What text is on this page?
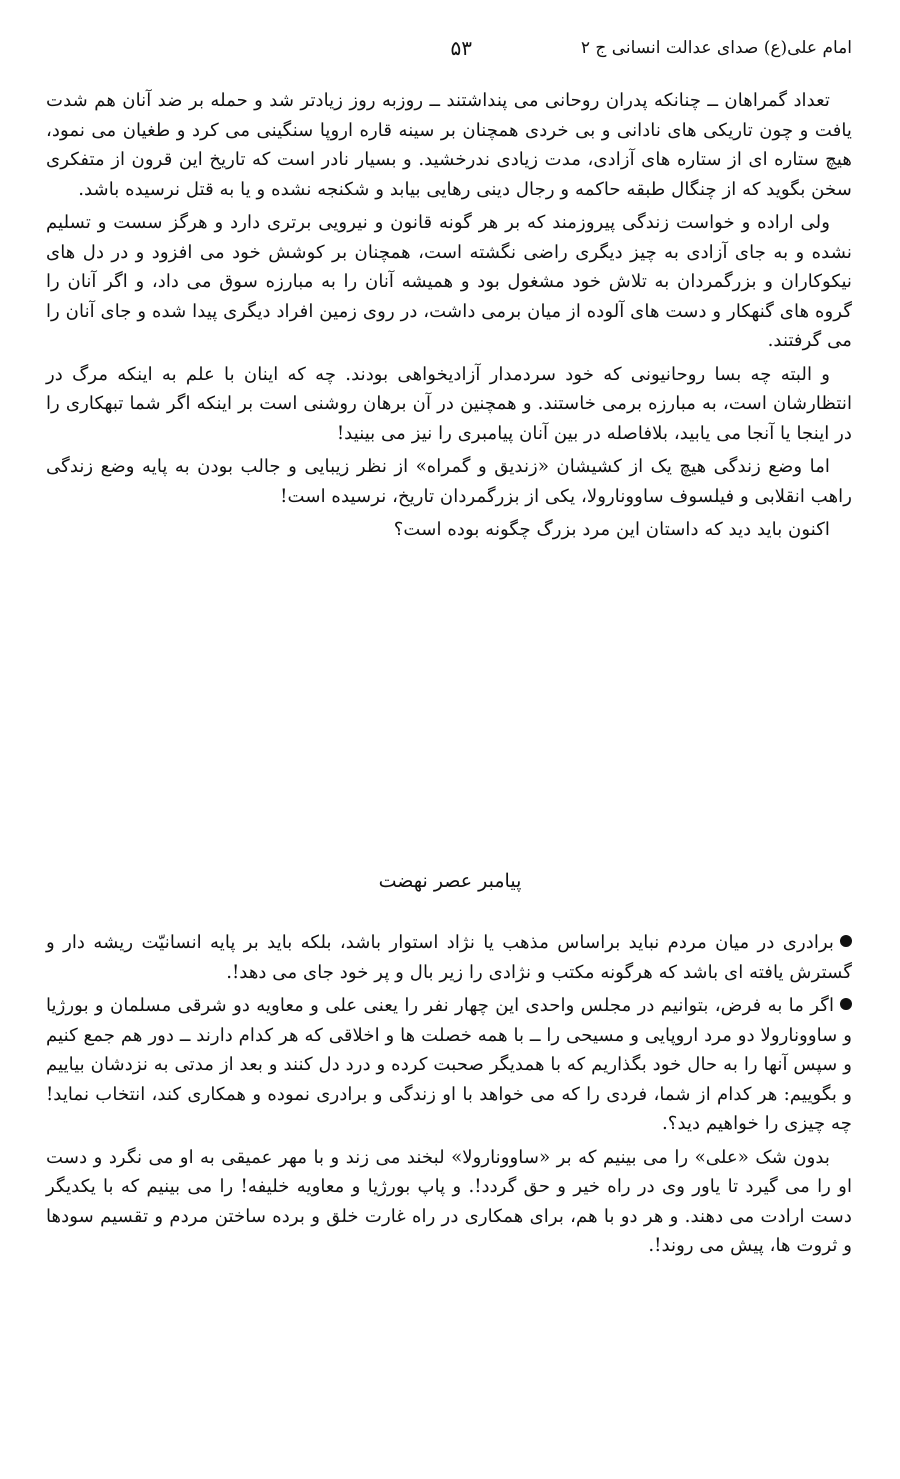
امام علی(ع) صدای عدالت انسانی ج ۲
۵۳

تعداد گمراهان ــ چنانکه پدران روحانی می پنداشتند ــ روزبه روز زیادتر شد و حمله بر ضد آنان هم شدت یافت و چون تاریکی های نادانی و بی خردی همچنان بر سینه قاره اروپا سنگینی می کرد و طغیان می نمود، هیچ ستاره ای از ستاره های آزادی، مدت زیادی ندرخشید. و بسیار نادر است که تاریخ این قرون از متفکری سخن بگوید که از چنگال طبقه حاکمه و رجال دینی رهایی بیابد و شکنجه نشده و یا به قتل نرسیده باشد.

ولی اراده و خواست زندگی پیروزمند که بر هر گونه قانون و نیرویی برتری دارد و هرگز سست و تسلیم نشده و به جای آزادی به چیز دیگری راضی نگشته است، همچنان بر کوشش خود می افزود و در دل های نیکوکاران و بزرگمردان به تلاش خود مشغول بود و همیشه آنان را به مبارزه سوق می داد، و اگر آنان را گروه های گنهکار و دست های آلوده از میان برمی داشت، در روی زمین افراد دیگری پیدا شده و جای آنان را می گرفتند.

و البته چه بسا روحانیونی که خود سردمدار آزادیخواهی بودند. چه که اینان با علم به اینکه مرگ در انتظارشان است، به مبارزه برمی خاستند. و همچنین در آن برهان روشنی است بر اینکه اگر شما تبهکاری را در اینجا یا آنجا می یابید، بلافاصله در بین آنان پیامبری را نیز می بینید!

اما وضع زندگی هیچ یک از کشیشان «زندیق و گمراه» از نظر زیبایی و جالب بودن به پایه وضع زندگی راهب انقلابی و فیلسوف ساوونارولا، یکی از بزرگمردان تاریخ، نرسیده است!

اکنون باید دید که داستان این مرد بزرگ چگونه بوده است؟

پیامبر عصر نهضت

برادری در میان مردم نباید براساس مذهب یا نژاد استوار باشد، بلکه باید بر پایه انسانیّت ریشه دار و گسترش یافته ای باشد که هرگونه مکتب و نژادی را زیر بال و پر خود جای می دهد!.

اگر ما به فرض، بتوانیم در مجلس واحدی این چهار نفر را یعنی علی و معاویه دو شرقی مسلمان و بورژیا و ساوونارولا دو مرد اروپایی و مسیحی را ــ با همه خصلت ها و اخلاقی که هر کدام دارند ــ دور هم جمع کنیم و سپس آنها را به حال خود بگذاریم که با همدیگر صحبت کرده و درد دل کنند و بعد از مدتی به نزدشان بیاییم و بگوییم: هر کدام از شما، فردی را که می خواهد با او زندگی و برادری نموده و همکاری کند، انتخاب نماید! چه چیزی را خواهیم دید؟.

بدون شک «علی» را می بینیم که بر «ساوونارولا» لبخند می زند و با مهر عمیقی به او می نگرد و دست او را می گیرد تا یاور وی در راه خیر و حق گردد!. و پاپ بورژیا و معاویه خلیفه! را می بینیم که با یکدیگر دست ارادت می دهند. و هر دو با هم، برای همکاری در راه غارت خلق و برده ساختن مردم و تقسیم سودها و ثروت ها، پیش می روند!.
